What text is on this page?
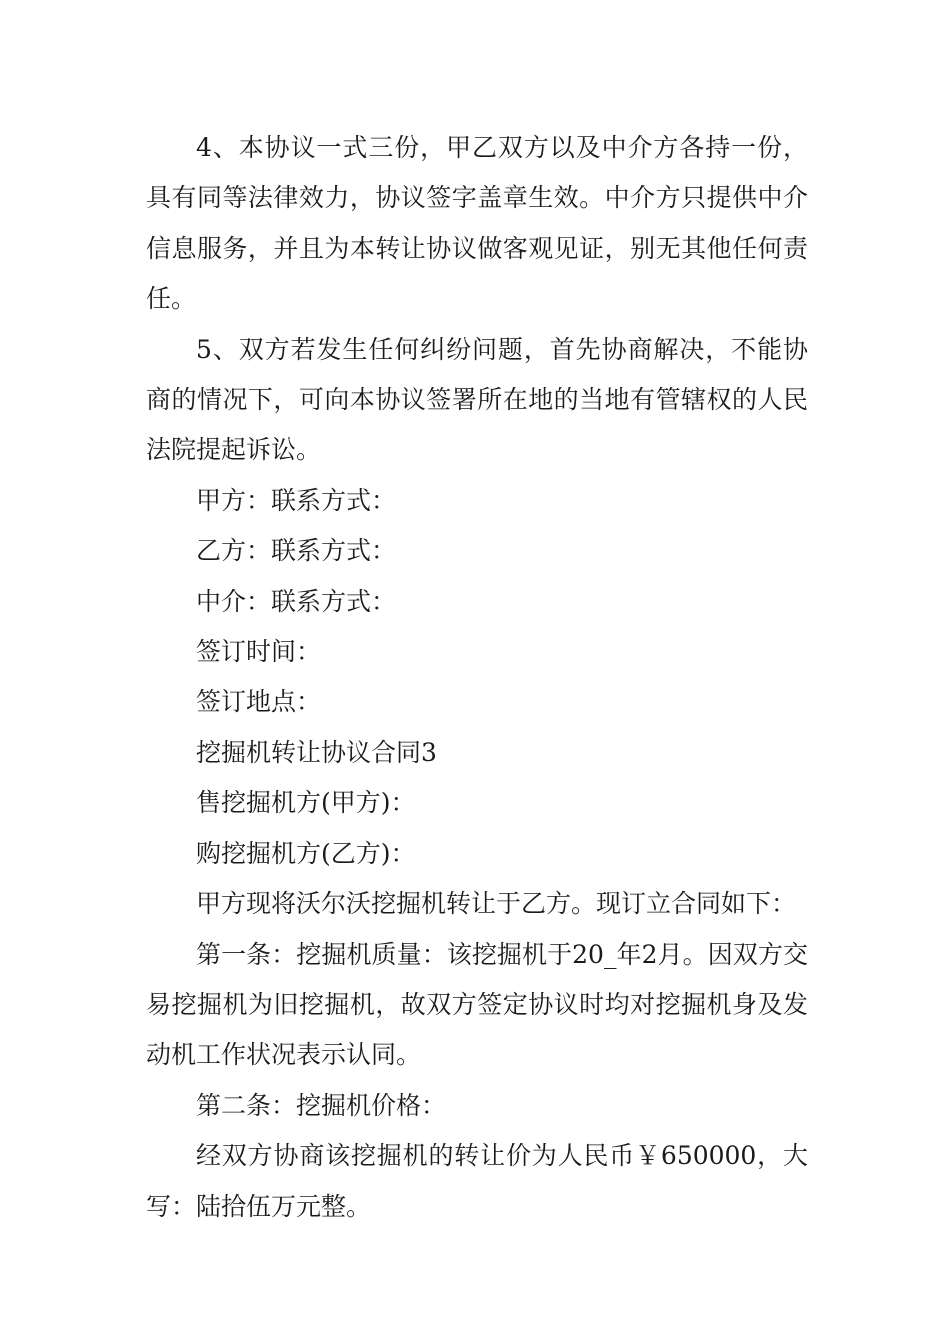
4、本协议一式三份，甲乙双方以及中介方各持一份，具有同等法律效力，协议签字盖章生效。中介方只提供中介信息服务，并且为本转让协议做客观见证，别无其他任何责任。

5、双方若发生任何纠纷问题，首先协商解决，不能协商的情况下，可向本协议签署所在地的当地有管辖权的人民法院提起诉讼。

甲方：联系方式：

乙方：联系方式：

中介：联系方式：

签订时间：

签订地点：

挖掘机转让协议合同3

售挖掘机方(甲方)：

购挖掘机方(乙方)：

甲方现将沃尔沃挖掘机转让于乙方。现订立合同如下：

第一条：挖掘机质量：该挖掘机于20_年2月。因双方交易挖掘机为旧挖掘机，故双方签定协议时均对挖掘机身及发动机工作状况表示认同。

第二条：挖掘机价格：

经双方协商该挖掘机的转让价为人民币￥650000，大写：陆拾伍万元整。
